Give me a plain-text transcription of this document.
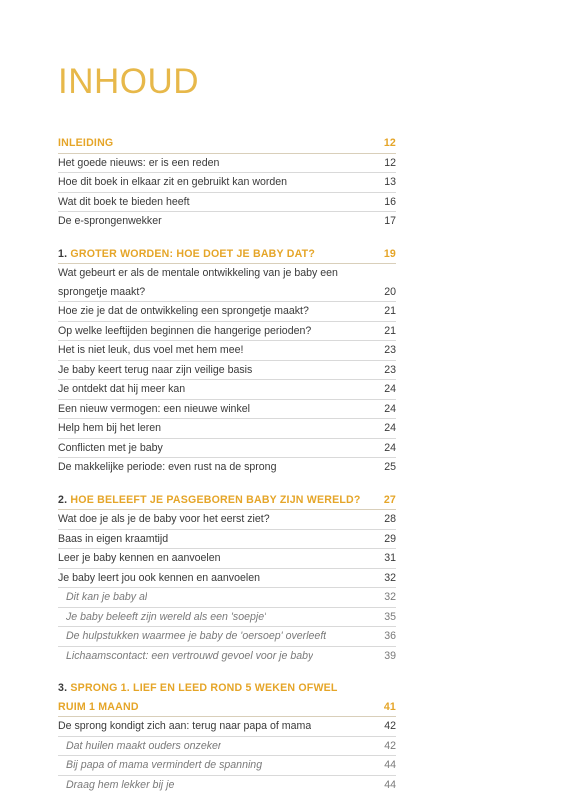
INHOUD
INLEIDING	12
Het goede nieuws: er is een reden	12
Hoe dit boek in elkaar zit en gebruikt kan worden	13
Wat dit boek te bieden heeft	16
De e-sprongenwekker	17
1. GROTER WORDEN: HOE DOET JE BABY DAT?	19
Wat gebeurt er als de mentale ontwikkeling van je baby een
sprongetje maakt?	20
Hoe zie je dat de ontwikkeling een sprongetje maakt?	21
Op welke leeftijden beginnen die hangerige perioden?	21
Het is niet leuk, dus voel met hem mee!	23
Je baby keert terug naar zijn veilige basis	23
Je ontdekt dat hij meer kan	24
Een nieuw vermogen: een nieuwe winkel	24
Help hem bij het leren	24
Conflicten met je baby	24
De makkelijke periode: even rust na de sprong	25
2. HOE BELEEFT JE PASGEBOREN BABY ZIJN WERELD?	27
Wat doe je als je de baby voor het eerst ziet?	28
Baas in eigen kraamtijd	29
Leer je baby kennen en aanvoelen	31
Je baby leert jou ook kennen en aanvoelen	32
Dit kan je baby al	32
Je baby beleeft zijn wereld als een 'soepje'	35
De hulpstukken waarmee je baby de 'oersoep' overleeft	36
Lichaamscontact: een vertrouwd gevoel voor je baby	39
3. SPRONG 1. LIEF EN LEED ROND 5 WEKEN OFWEL
RUIM 1 MAAND	41
De sprong kondigt zich aan: terug naar papa of mama	42
Dat huilen maakt ouders onzeker	42
Bij papa of mama vermindert de spanning	44
Draag hem lekker bij je	44
